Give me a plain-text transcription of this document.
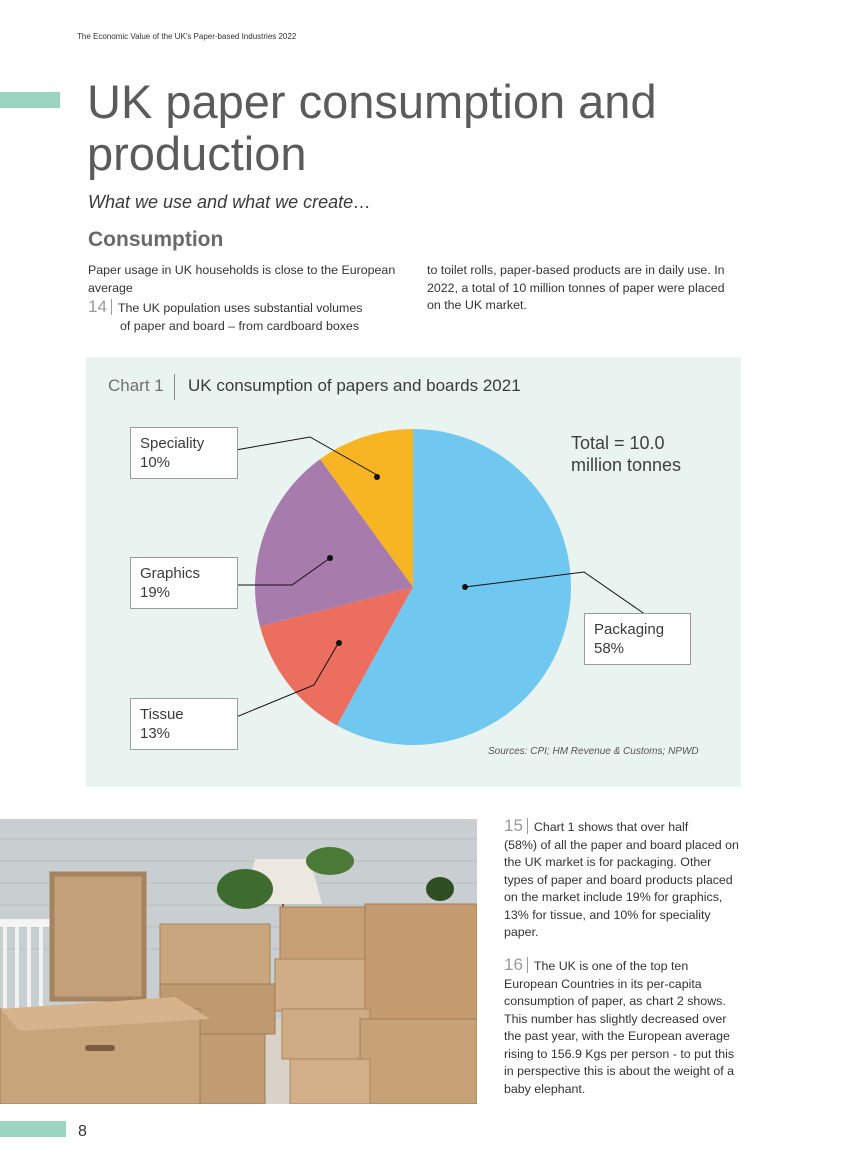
The Economic Value of the UK's Paper-based Industries 2022
UK paper consumption and production
What we use and what we create…
Consumption
Paper usage in UK households is close to the European average
14 The UK population uses substantial volumes
of paper and board – from cardboard boxes
to toilet rolls, paper-based products are in daily use. In 2022, a total of 10 million tonnes of paper were placed on the UK market.
Chart 1 UK consumption of papers and boards 2021
Total = 10.0
million tonnes
Speciality
10%
Graphics
19%
Tissue
13%
Packaging
58%
Sources: CPI; HM Revenue & Customs; NPWD
15 Chart 1 shows that over half
(58%) of all the paper and board placed on the UK market is for packaging. Other types of paper and board products placed on the market include 19% for graphics, 13% for tissue, and 10% for speciality paper.
16 The UK is one of the top ten
European Countries in its per-capita consumption of paper, as chart 2 shows. This number has slightly decreased over the past year, with the European average rising to 156.9 Kgs per person - to put this in perspective this is about the weight of a baby elephant.
8
